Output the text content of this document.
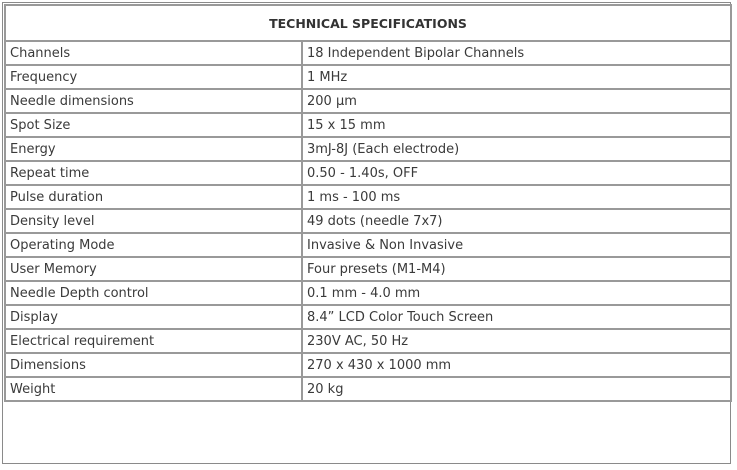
TECHNICAL SPECIFICATIONS	
Channels	18 Independent Bipolar Channels
Frequency	1 MHz
Needle dimensions	200 µm
Spot Size	15 x 15 mm
Energy	3mJ-8J (Each electrode)
Repeat time	0.50 - 1.40s, OFF
Pulse duration	1 ms - 100 ms
Density level	49 dots (needle 7x7)
Operating Mode	Invasive & Non Invasive
User Memory	Four presets (M1-M4)
Needle Depth control	0.1 mm - 4.0 mm
Display	8.4” LCD Color Touch Screen
Electrical requirement	230V AC, 50 Hz
Dimensions	270 x 430 x 1000 mm
Weight	20 kg
